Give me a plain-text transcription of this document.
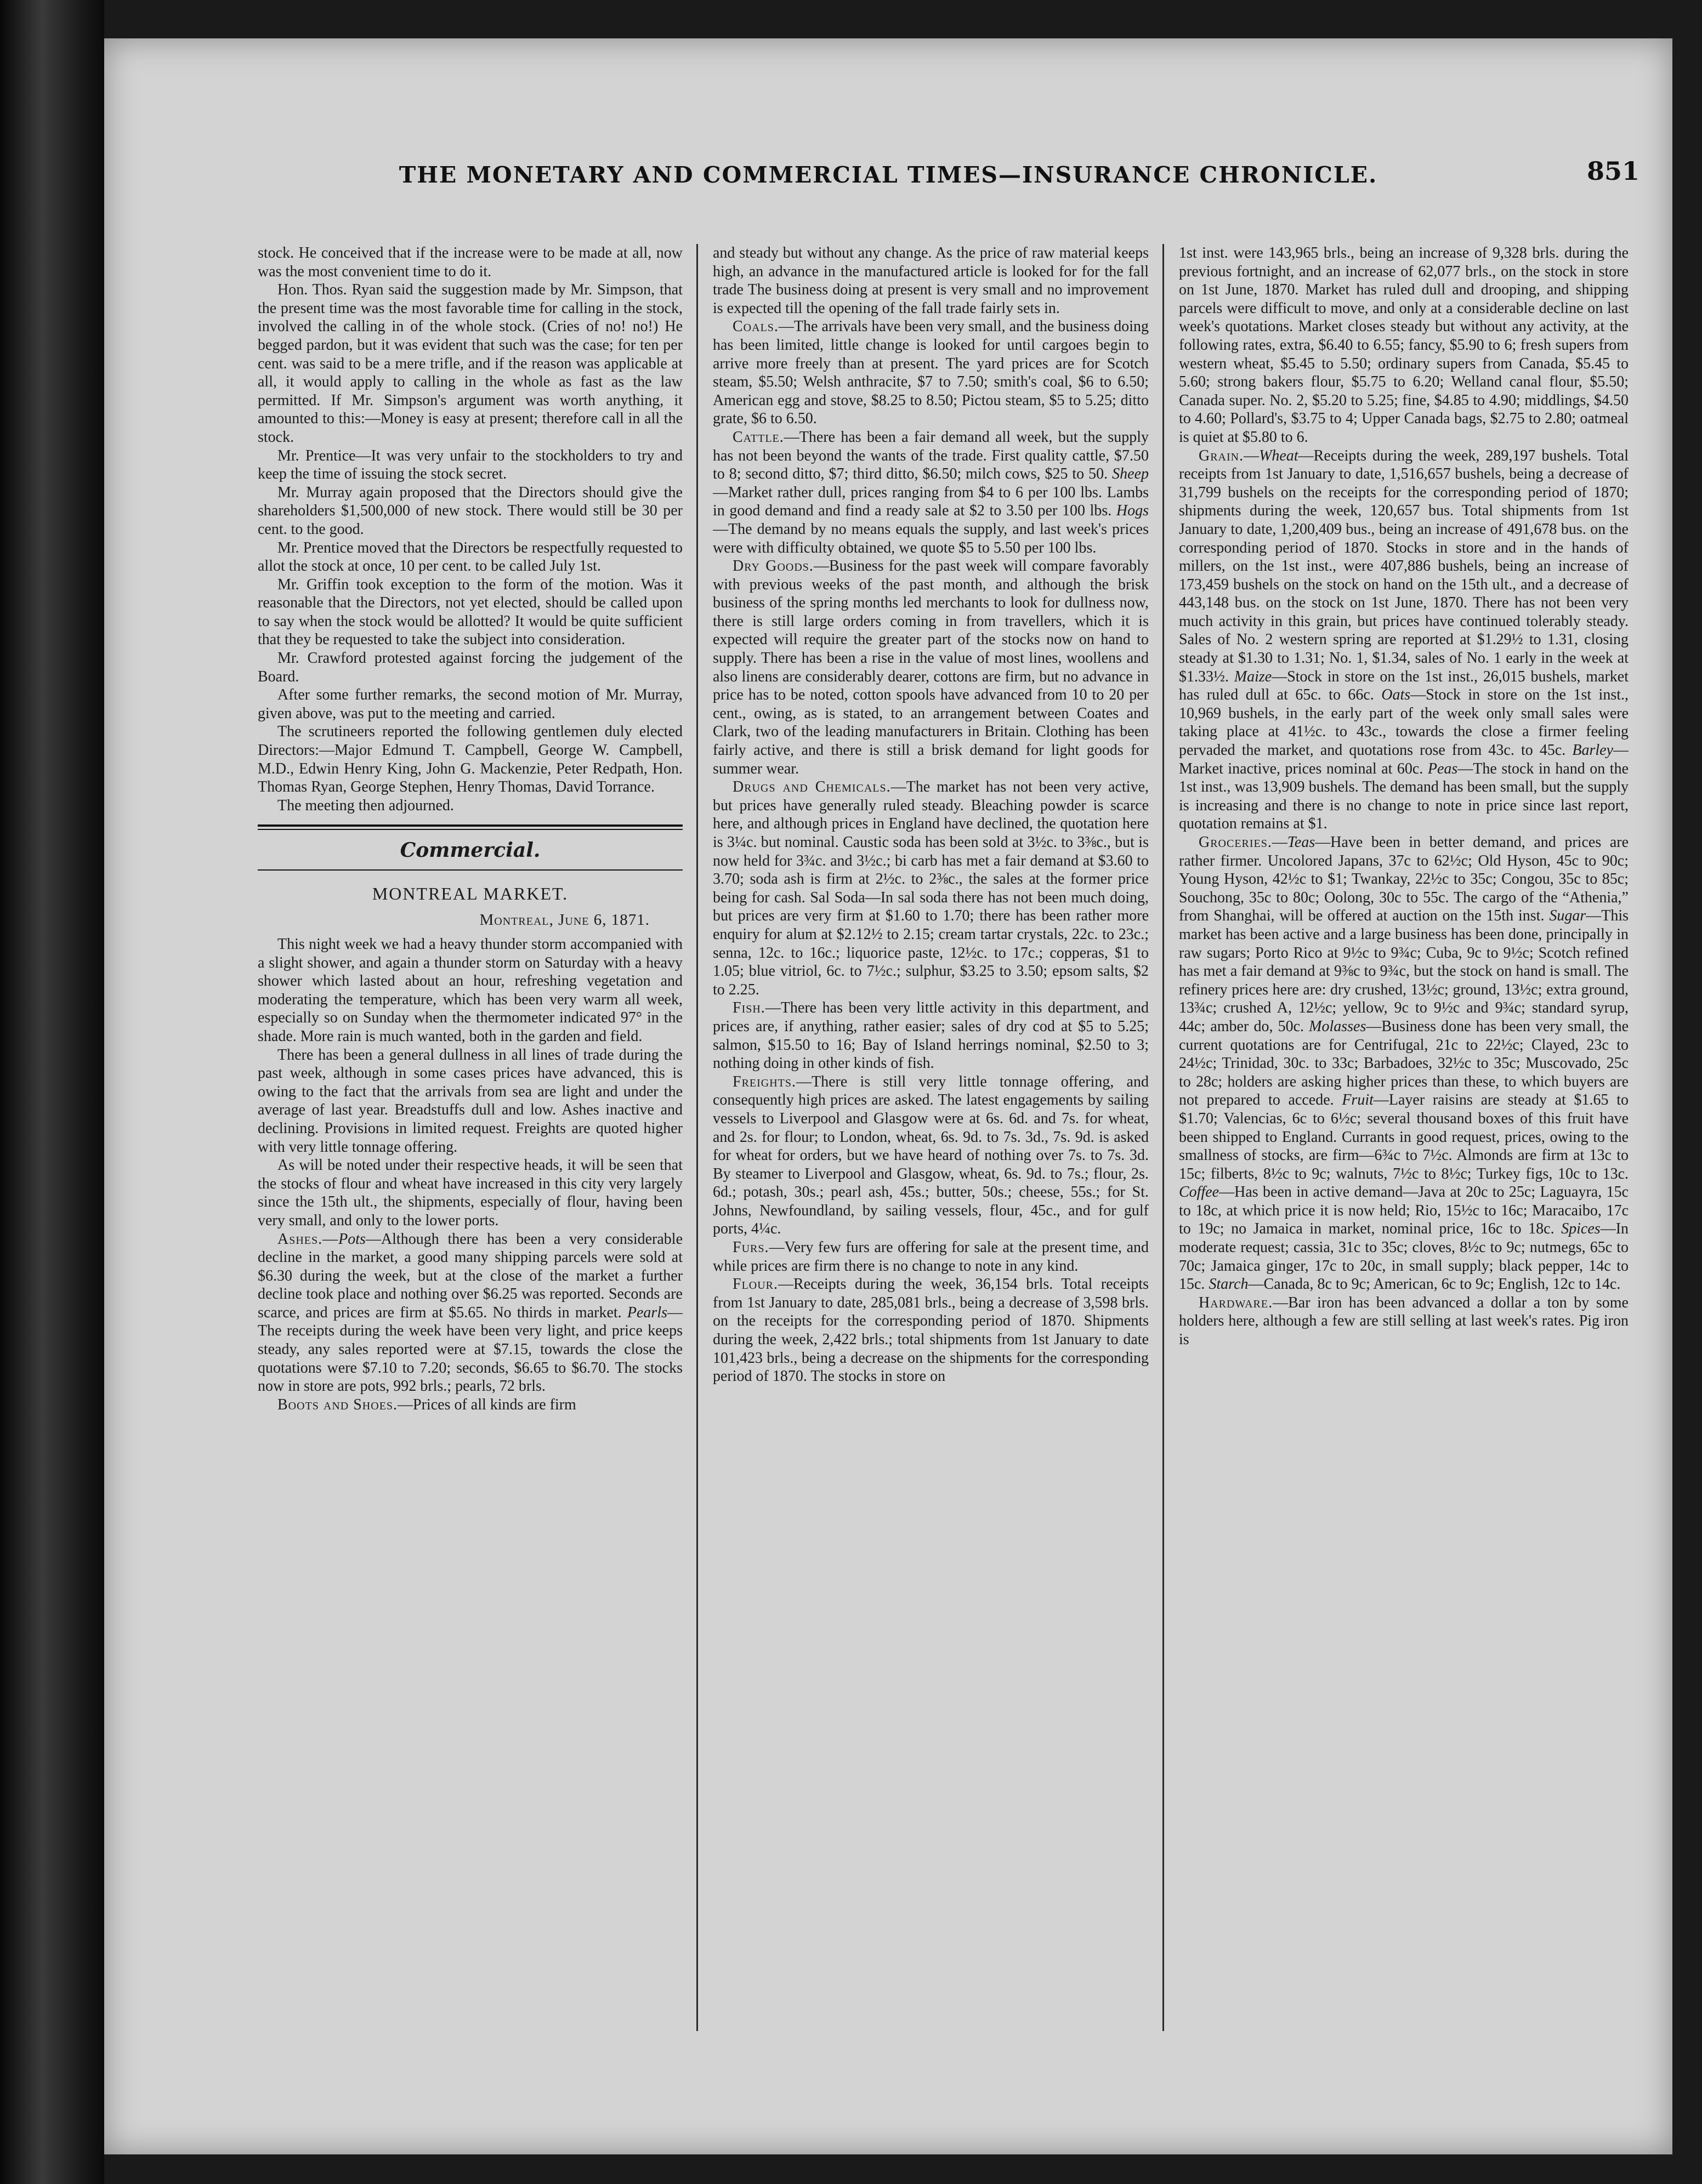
THE MONETARY AND COMMERCIAL TIMES—INSURANCE CHRONICLE.	851

stock. He conceived that if the increase were to be made at all, now was the most convenient time to do it.

Hon. Thos. Ryan said the suggestion made by Mr. Simpson, that the present time was the most favorable time for calling in the stock, involved the calling in of the whole stock. (Cries of no! no!) He begged pardon, but it was evident that such was the case; for ten per cent. was said to be a mere trifle, and if the reason was applicable at all, it would apply to calling in the whole as fast as the law permitted. If Mr. Simpson's argument was worth anything, it amounted to this:—Money is easy at present; therefore call in all the stock.

Mr. Prentice—It was very unfair to the stockholders to try and keep the time of issuing the stock secret.

Mr. Murray again proposed that the Directors should give the shareholders $1,500,000 of new stock. There would still be 30 per cent. to the good.

Mr. Prentice moved that the Directors be respectfully requested to allot the stock at once, 10 per cent. to be called July 1st.

Mr. Griffin took exception to the form of the motion. Was it reasonable that the Directors, not yet elected, should be called upon to say when the stock would be allotted? It would be quite sufficient that they be requested to take the subject into consideration.

Mr. Crawford protested against forcing the judgement of the Board.

After some further remarks, the second motion of Mr. Murray, given above, was put to the meeting and carried.

The scrutineers reported the following gentlemen duly elected Directors:—Major Edmund T. Campbell, George W. Campbell, M.D., Edwin Henry King, John G. Mackenzie, Peter Redpath, Hon. Thomas Ryan, George Stephen, Henry Thomas, David Torrance.

The meeting then adjourned.

Commercial.
MONTREAL MARKET.
Montreal, June 6, 1871.

This night week we had a heavy thunder storm accompanied with a slight shower, and again a thunder storm on Saturday with a heavy shower which lasted about an hour, refreshing vegetation and moderating the temperature, which has been very warm all week, especially so on Sunday when the thermometer indicated 97° in the shade. More rain is much wanted, both in the garden and field.

There has been a general dullness in all lines of trade during the past week, although in some cases prices have advanced, this is owing to the fact that the arrivals from sea are light and under the average of last year. Breadstuffs dull and low. Ashes inactive and declining. Provisions in limited request. Freights are quoted higher with very little tonnage offering.

As will be noted under their respective heads, it will be seen that the stocks of flour and wheat have increased in this city very largely since the 15th ult., the shipments, especially of flour, having been very small, and only to the lower ports.

Ashes.—Pots—Although there has been a very considerable decline in the market, a good many shipping parcels were sold at $6.30 during the week, but at the close of the market a further decline took place and nothing over $6.25 was reported. Seconds are scarce, and prices are firm at $5.65. No thirds in market. Pearls—The receipts during the week have been very light, and price keeps steady, any sales reported were at $7.15, towards the close the quotations were $7.10 to 7.20; seconds, $6.65 to $6.70. The stocks now in store are pots, 992 brls.; pearls, 72 brls.

Boots and Shoes.—Prices of all kinds are firm

and steady but without any change. As the price of raw material keeps high, an advance in the manufactured article is looked for for the fall trade The business doing at present is very small and no improvement is expected till the opening of the fall trade fairly sets in.

Coals.—The arrivals have been very small, and the business doing has been limited, little change is looked for until cargoes begin to arrive more freely than at present. The yard prices are for Scotch steam, $5.50; Welsh anthracite, $7 to 7.50; smith's coal, $6 to 6.50; American egg and stove, $8.25 to 8.50; Pictou steam, $5 to 5.25; ditto grate, $6 to 6.50.

Cattle.—There has been a fair demand all week, but the supply has not been beyond the wants of the trade. First quality cattle, $7.50 to 8; second ditto, $7; third ditto, $6.50; milch cows, $25 to 50. Sheep—Market rather dull, prices ranging from $4 to 6 per 100 lbs. Lambs in good demand and find a ready sale at $2 to 3.50 per 100 lbs. Hogs—The demand by no means equals the supply, and last week's prices were with difficulty obtained, we quote $5 to 5.50 per 100 lbs.

Dry Goods.—Business for the past week will compare favorably with previous weeks of the past month, and although the brisk business of the spring months led merchants to look for dullness now, there is still large orders coming in from travellers, which it is expected will require the greater part of the stocks now on hand to supply. There has been a rise in the value of most lines, woollens and also linens are considerably dearer, cottons are firm, but no advance in price has to be noted, cotton spools have advanced from 10 to 20 per cent., owing, as is stated, to an arrangement between Coates and Clark, two of the leading manufacturers in Britain. Clothing has been fairly active, and there is still a brisk demand for light goods for summer wear.

Drugs and Chemicals.—The market has not been very active, but prices have generally ruled steady. Bleaching powder is scarce here, and although prices in England have declined, the quotation here is 3¼c. but nominal. Caustic soda has been sold at 3½c. to 3⅜c., but is now held for 3¾c. and 3½c.; bi carb has met a fair demand at $3.60 to 3.70; soda ash is firm at 2½c. to 2⅜c., the sales at the former price being for cash. Sal Soda—In sal soda there has not been much doing, but prices are very firm at $1.60 to 1.70; there has been rather more enquiry for alum at $2.12½ to 2.15; cream tartar crystals, 22c. to 23c.; senna, 12c. to 16c.; liquorice paste, 12½c. to 17c.; copperas, $1 to 1.05; blue vitriol, 6c. to 7½c.; sulphur, $3.25 to 3.50; epsom salts, $2 to 2.25.

Fish.—There has been very little activity in this department, and prices are, if anything, rather easier; sales of dry cod at $5 to 5.25; salmon, $15.50 to 16; Bay of Island herrings nominal, $2.50 to 3; nothing doing in other kinds of fish.

Freights.—There is still very little tonnage offering, and consequently high prices are asked. The latest engagements by sailing vessels to Liverpool and Glasgow were at 6s. 6d. and 7s. for wheat, and 2s. for flour; to London, wheat, 6s. 9d. to 7s. 3d., 7s. 9d. is asked for wheat for orders, but we have heard of nothing over 7s. to 7s. 3d. By steamer to Liverpool and Glasgow, wheat, 6s. 9d. to 7s.; flour, 2s. 6d.; potash, 30s.; pearl ash, 45s.; butter, 50s.; cheese, 55s.; for St. Johns, Newfoundland, by sailing vessels, flour, 45c., and for gulf ports, 4¼c.

Furs.—Very few furs are offering for sale at the present time, and while prices are firm there is no change to note in any kind.

Flour.—Receipts during the week, 36,154 brls. Total receipts from 1st January to date, 285,081 brls., being a decrease of 3,598 brls. on the receipts for the corresponding period of 1870. Shipments during the week, 2,422 brls.; total shipments from 1st January to date 101,423 brls., being a decrease on the shipments for the corresponding period of 1870. The stocks in store on

1st inst. were 143,965 brls., being an increase of 9,328 brls. during the previous fortnight, and an increase of 62,077 brls., on the stock in store on 1st June, 1870. Market has ruled dull and drooping, and shipping parcels were difficult to move, and only at a considerable decline on last week's quotations. Market closes steady but without any activity, at the following rates, extra, $6.40 to 6.55; fancy, $5.90 to 6; fresh supers from western wheat, $5.45 to 5.50; ordinary supers from Canada, $5.45 to 5.60; strong bakers flour, $5.75 to 6.20; Welland canal flour, $5.50; Canada super. No. 2, $5.20 to 5.25; fine, $4.85 to 4.90; middlings, $4.50 to 4.60; Pollard's, $3.75 to 4; Upper Canada bags, $2.75 to 2.80; oatmeal is quiet at $5.80 to 6.

Grain.—Wheat—Receipts during the week, 289,197 bushels. Total receipts from 1st January to date, 1,516,657 bushels, being a decrease of 31,799 bushels on the receipts for the corresponding period of 1870; shipments during the week, 120,657 bus. Total shipments from 1st January to date, 1,200,409 bus., being an increase of 491,678 bus. on the corresponding period of 1870. Stocks in store and in the hands of millers, on the 1st inst., were 407,886 bushels, being an increase of 173,459 bushels on the stock on hand on the 15th ult., and a decrease of 443,148 bus. on the stock on 1st June, 1870. There has not been very much activity in this grain, but prices have continued tolerably steady. Sales of No. 2 western spring are reported at $1.29½ to 1.31, closing steady at $1.30 to 1.31; No. 1, $1.34, sales of No. 1 early in the week at $1.33½. Maize—Stock in store on the 1st inst., 26,015 bushels, market has ruled dull at 65c. to 66c. Oats—Stock in store on the 1st inst., 10,969 bushels, in the early part of the week only small sales were taking place at 41½c. to 43c., towards the close a firmer feeling pervaded the market, and quotations rose from 43c. to 45c. Barley—Market inactive, prices nominal at 60c. Peas—The stock in hand on the 1st inst., was 13,909 bushels. The demand has been small, but the supply is increasing and there is no change to note in price since last report, quotation remains at $1.

Groceries.—Teas—Have been in better demand, and prices are rather firmer. Uncolored Japans, 37c to 62½c; Old Hyson, 45c to 90c; Young Hyson, 42½c to $1; Twankay, 22½c to 35c; Congou, 35c to 85c; Souchong, 35c to 80c; Oolong, 30c to 55c. The cargo of the “Athenia,” from Shanghai, will be offered at auction on the 15th inst. Sugar—This market has been active and a large business has been done, principally in raw sugars; Porto Rico at 9½c to 9¾c; Cuba, 9c to 9½c; Scotch refined has met a fair demand at 9⅜c to 9¾c, but the stock on hand is small. The refinery prices here are: dry crushed, 13½c; ground, 13½c; extra ground, 13¾c; crushed A, 12½c; yellow, 9c to 9½c and 9¾c; standard syrup, 44c; amber do, 50c. Molasses—Business done has been very small, the current quotations are for Centrifugal, 21c to 22½c; Clayed, 23c to 24½c; Trinidad, 30c. to 33c; Barbadoes, 32½c to 35c; Muscovado, 25c to 28c; holders are asking higher prices than these, to which buyers are not prepared to accede. Fruit—Layer raisins are steady at $1.65 to $1.70; Valencias, 6c to 6½c; several thousand boxes of this fruit have been shipped to England. Currants in good request, prices, owing to the smallness of stocks, are firm—6¾c to 7½c. Almonds are firm at 13c to 15c; filberts, 8½c to 9c; walnuts, 7½c to 8½c; Turkey figs, 10c to 13c. Coffee—Has been in active demand—Java at 20c to 25c; Laguayra, 15c to 18c, at which price it is now held; Rio, 15½c to 16c; Maracaibo, 17c to 19c; no Jamaica in market, nominal price, 16c to 18c. Spices—In moderate request; cassia, 31c to 35c; cloves, 8½c to 9c; nutmegs, 65c to 70c; Jamaica ginger, 17c to 20c, in small supply; black pepper, 14c to 15c. Starch—Canada, 8c to 9c; American, 6c to 9c; English, 12c to 14c.

Hardware.—Bar iron has been advanced a dollar a ton by some holders here, although a few are still selling at last week's rates. Pig iron is
